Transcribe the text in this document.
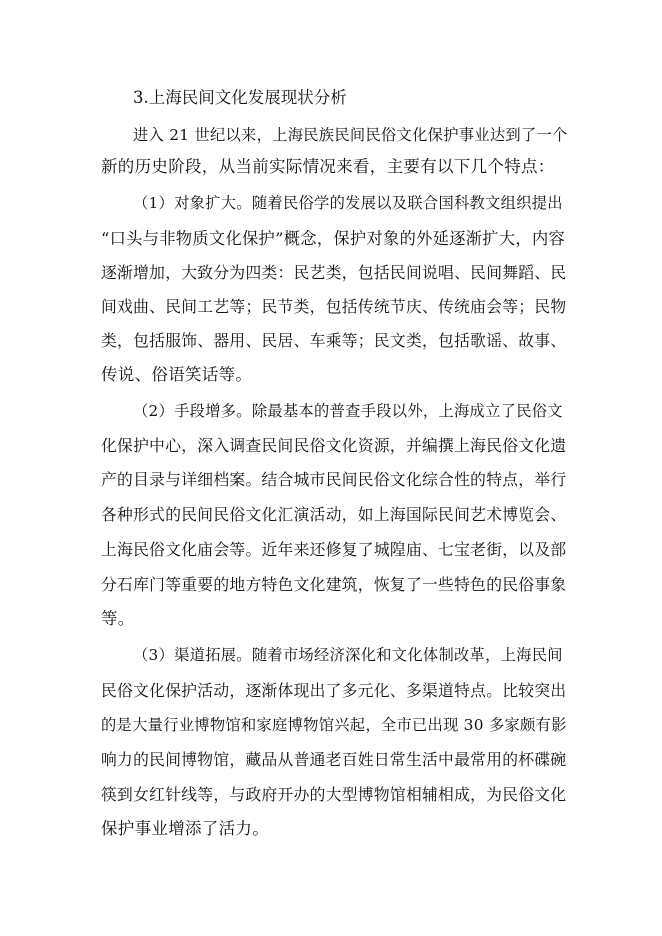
3.上海民间文化发展现状分析
进入 21 世纪以来，上海民族民间民俗文化保护事业达到了一个
新的历史阶段，从当前实际情况来看，主要有以下几个特点：
（1）对象扩大。随着民俗学的发展以及联合国科教文组织提出
“口头与非物质文化保护”概念，保护对象的外延逐渐扩大，内容
逐渐增加，大致分为四类：民艺类，包括民间说唱、民间舞蹈、民
间戏曲、民间工艺等；民节类，包括传统节庆、传统庙会等；民物
类，包括服饰、器用、民居、车乘等；民文类，包括歌谣、故事、
传说、俗语笑话等。
（2）手段增多。除最基本的普查手段以外，上海成立了民俗文
化保护中心，深入调查民间民俗文化资源，并编撰上海民俗文化遗
产的目录与详细档案。结合城市民间民俗文化综合性的特点，举行
各种形式的民间民俗文化汇演活动，如上海国际民间艺术博览会、
上海民俗文化庙会等。近年来还修复了城隍庙、七宝老街，以及部
分石库门等重要的地方特色文化建筑，恢复了一些特色的民俗事象
等。
（3）渠道拓展。随着市场经济深化和文化体制改革，上海民间
民俗文化保护活动，逐渐体现出了多元化、多渠道特点。比较突出
的是大量行业博物馆和家庭博物馆兴起，全市已出现 30 多家颇有影
响力的民间博物馆，藏品从普通老百姓日常生活中最常用的杯碟碗
筷到女红针线等，与政府开办的大型博物馆相辅相成，为民俗文化
保护事业增添了活力。
